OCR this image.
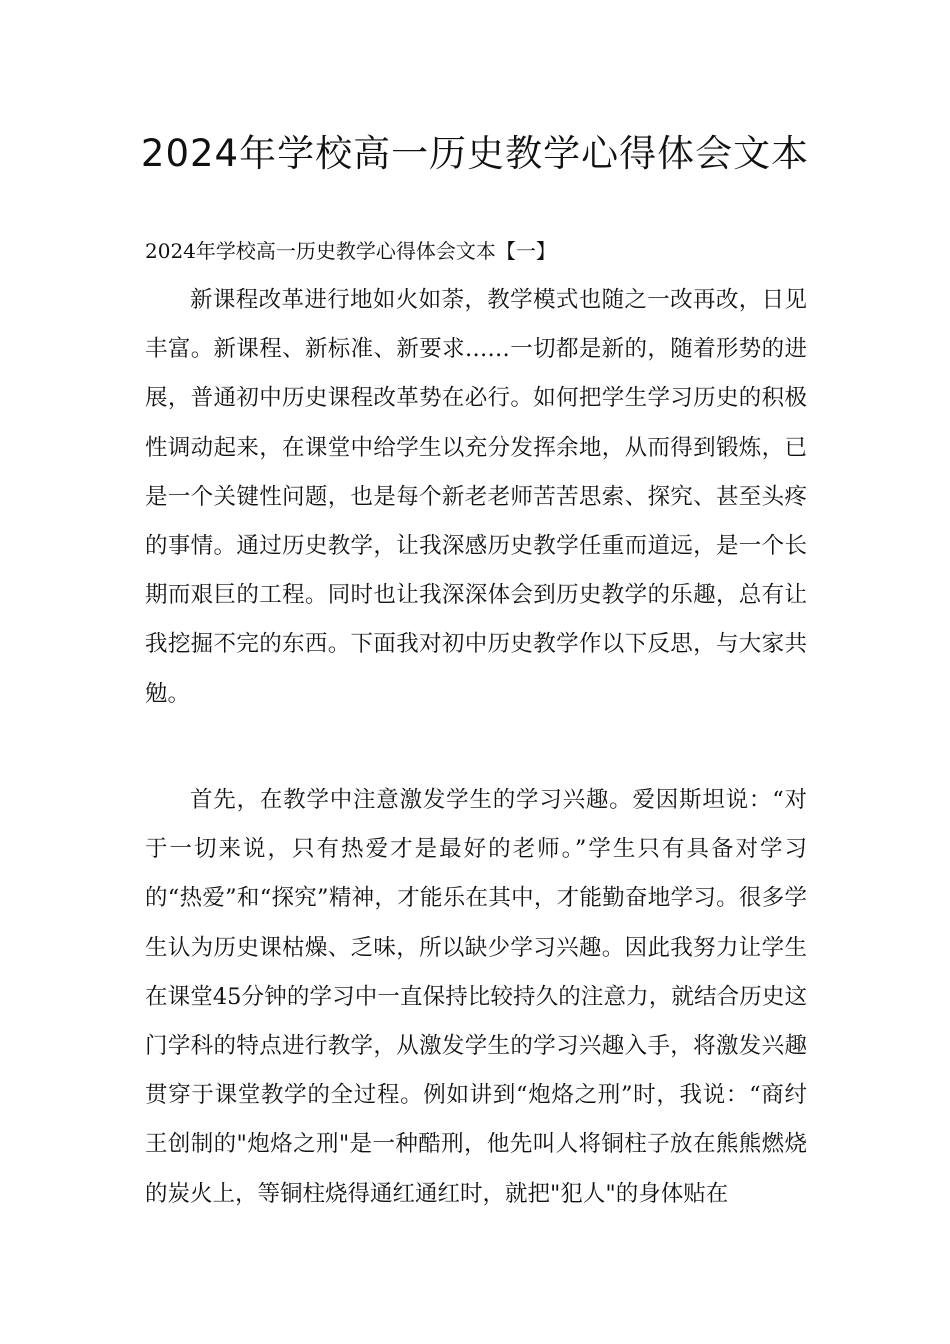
2024年学校高一历史教学心得体会文本
2024年学校高一历史教学心得体会文本【一】

新课程改革进行地如火如荼，教学模式也随之一改再改，日见丰富。新课程、新标准、新要求……一切都是新的，随着形势的进展，普通初中历史课程改革势在必行。如何把学生学习历史的积极性调动起来，在课堂中给学生以充分发挥余地，从而得到锻炼，已是一个关键性问题，也是每个新老老师苦苦思索、探究、甚至头疼的事情。通过历史教学，让我深感历史教学任重而道远，是一个长期而艰巨的工程。同时也让我深深体会到历史教学的乐趣，总有让我挖掘不完的东西。下面我对初中历史教学作以下反思，与大家共勉。

首先，在教学中注意激发学生的学习兴趣。爱因斯坦说：“对于一切来说，只有热爱才是最好的老师。”学生只有具备对学习的“热爱”和“探究”精神，才能乐在其中，才能勤奋地学习。很多学生认为历史课枯燥、乏味，所以缺少学习兴趣。因此我努力让学生在课堂45分钟的学习中一直保持比较持久的注意力，就结合历史这门学科的特点进行教学，从激发学生的学习兴趣入手，将激发兴趣贯穿于课堂教学的全过程。例如讲到“炮烙之刑”时，我说：“商纣王创制的"炮烙之刑"是一种酷刑，他先叫人将铜柱子放在熊熊燃烧的炭火上，等铜柱烧得通红通红时，就把"犯人"的身体贴在
